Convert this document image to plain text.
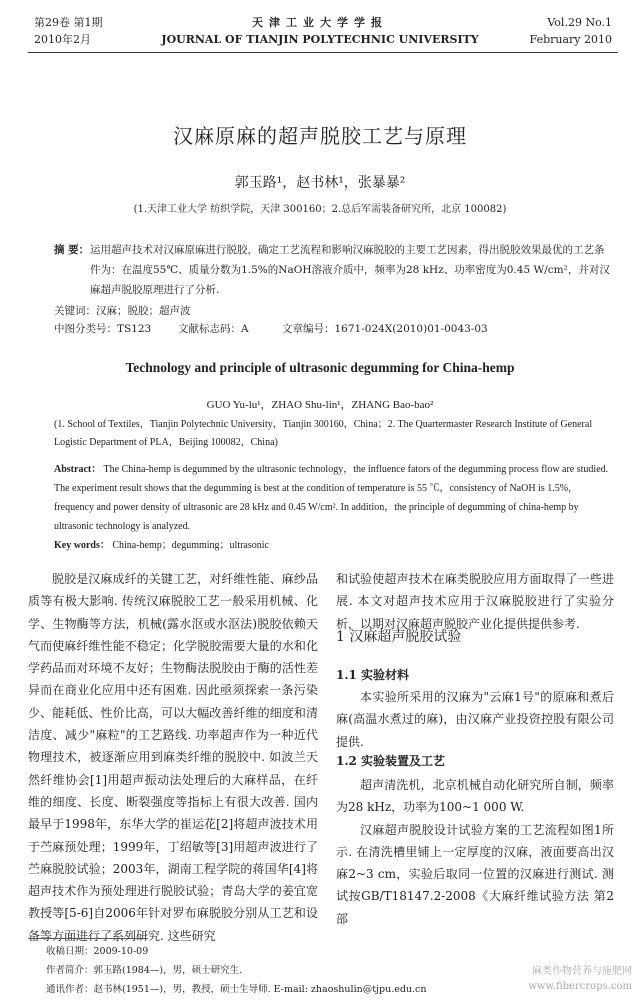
第29卷 第1期
2010年2月
天津工业大学学报
JOURNAL OF TIANJIN POLYTECHNIC UNIVERSITY
Vol.29 No.1
February 2010
汉麻原麻的超声脱胶工艺与原理
郭玉路¹，赵书林¹，张暴暴²
(1.天津工业大学 纺织学院，天津 300160；2.总后军需装备研究所，北京 100082)
摘 要： 运用超声技术对汉麻原麻进行脱胶，确定工艺流程和影响汉麻脱胶的主要工艺因素，得出脱胶效果最优的工艺条件为：在温度55℃、质量分数为1.5%的NaOH溶液介质中，频率为28 kHz、功率密度为0.45 W/cm²，并对汉麻超声脱胶原理进行了分析.
关键词：汉麻；脱胶；超声波
中图分类号：TS123	文献标志码：A	文章编号：1671-024X(2010)01-0043-03
Technology and principle of ultrasonic degumming for China-hemp
GUO Yu-lu¹，ZHAO Shu-lin¹，ZHANG Bao-bao²
(1. School of Textiles，Tianjin Polytechnic University，Tianjin 300160，China；2. The Quartermaster Research Institute of General Logistic Department of PLA，Beijing 100082，China)
Abstract： The China-hemp is degummed by the ultrasonic technology，the influence fators of the degumming process flow are studied. The experiment result shows that the degumming is best at the condition of temperature is 55 ℃，consistency of NaOH is 1.5%，frequency and power density of ultrasonic are 28 kHz and 0.45 W/cm². In addition，the principle of degumming of china-hemp by ultrasonic technology is analyzed.
Key words： China-hemp；degumming；ultrasonic

脱胶是汉麻成纤的关键工艺，对纤维性能、麻纱品质等有极大影响. 传统汉麻脱胶工艺一般采用机械、化学、生物酶等方法，机械(露水沤或水沤法)脱胶依赖天气而使麻纤维性能不稳定；化学脱胶需要大量的水和化学药品而对环境不友好；生物酶法脱胶由于酶的活性差异而在商业化应用中还有困难. 因此亟须探索一条污染少、能耗低、性价比高，可以大幅改善纤维的细度和清洁度、减少"麻粒"的工艺路线. 功率超声作为一种近代物理技术，被逐渐应用到麻类纤维的脱胶中. 如波兰天然纤维协会[1]用超声振动法处理后的大麻样品，在纤维的细度、长度、断裂强度等指标上有很大改善. 国内最早于1998年，东华大学的崔运花[2]将超声波技术用于苎麻预处理；1999年，丁绍敏等[3]用超声波进行了苎麻脱胶试验；2003年，湖南工程学院的蒋国华[4]将超声技术作为预处理进行脱胶试验；青岛大学的姜宜宽教授等[5-6]自2006年针对罗布麻脱胶分别从工艺和设备等方面进行了系列研究. 这些研究

和试验使超声技术在麻类脱胶应用方面取得了一些进展. 本文对超声技术应用于汉麻脱胶进行了实验分析，以期对汉麻超声脱胶产业化提供提供参考.

1 汉麻超声脱胶试验
1.1 实验材料

本实验所采用的汉麻为"云麻1号"的原麻和煮后麻(高温水煮过的麻)，由汉麻产业投资控股有限公司提供.

1.2 实验装置及工艺

超声清洗机，北京机械自动化研究所自制，频率为28 kHz，功率为100~1 000 W.

汉麻超声脱胶设计试验方案的工艺流程如图1所示. 在清洗槽里铺上一定厚度的汉麻，液面要高出汉麻2~3 cm，实验后取同一位置的汉麻进行测试. 测试按GB/T18147.2-2008《大麻纤维试验方法 第2部

收稿日期：2009-10-09
作者简介：郭玉路(1984—)，男，硕士研究生.
通讯作者：赵书林(1951—)，男，教授，硕士生导师. E-mail: zhaoshulin@tjpu.edu.cn
麻类作物营养与施肥网
www.fibercrops.com
